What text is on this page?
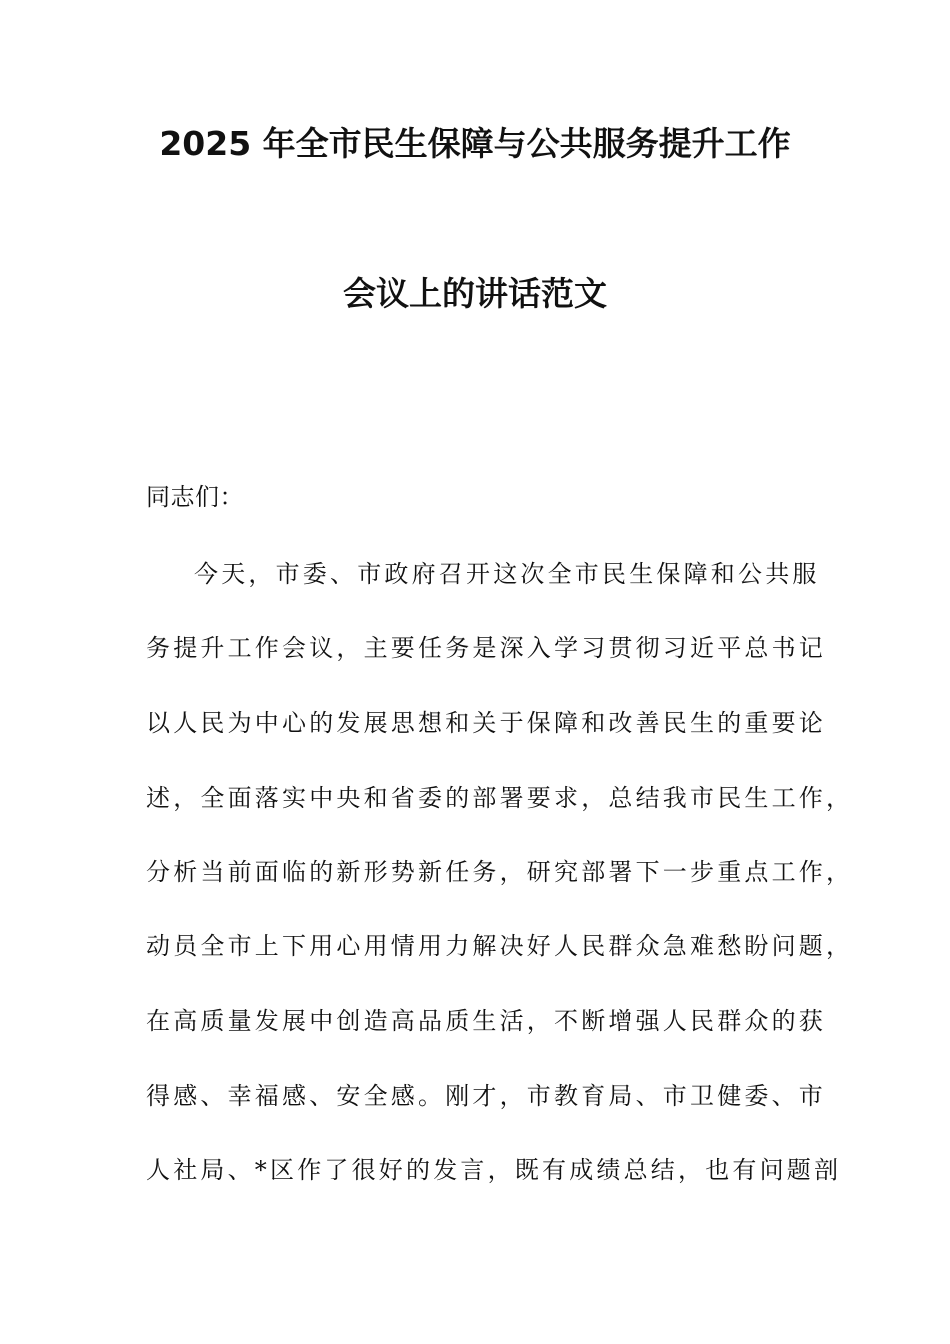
2025 年全市民生保障与公共服务提升工作
会议上的讲话范文
同志们：
今天，市委、市政府召开这次全市民生保障和公共服
务提升工作会议，主要任务是深入学习贯彻习近平总书记
以人民为中心的发展思想和关于保障和改善民生的重要论
述，全面落实中央和省委的部署要求，总结我市民生工作，
分析当前面临的新形势新任务，研究部署下一步重点工作，
动员全市上下用心用情用力解决好人民群众急难愁盼问题，
在高质量发展中创造高品质生活，不断增强人民群众的获
得感、幸福感、安全感。刚才，市教育局、市卫健委、市
人社局、*区作了很好的发言，既有成绩总结，也有问题剖
